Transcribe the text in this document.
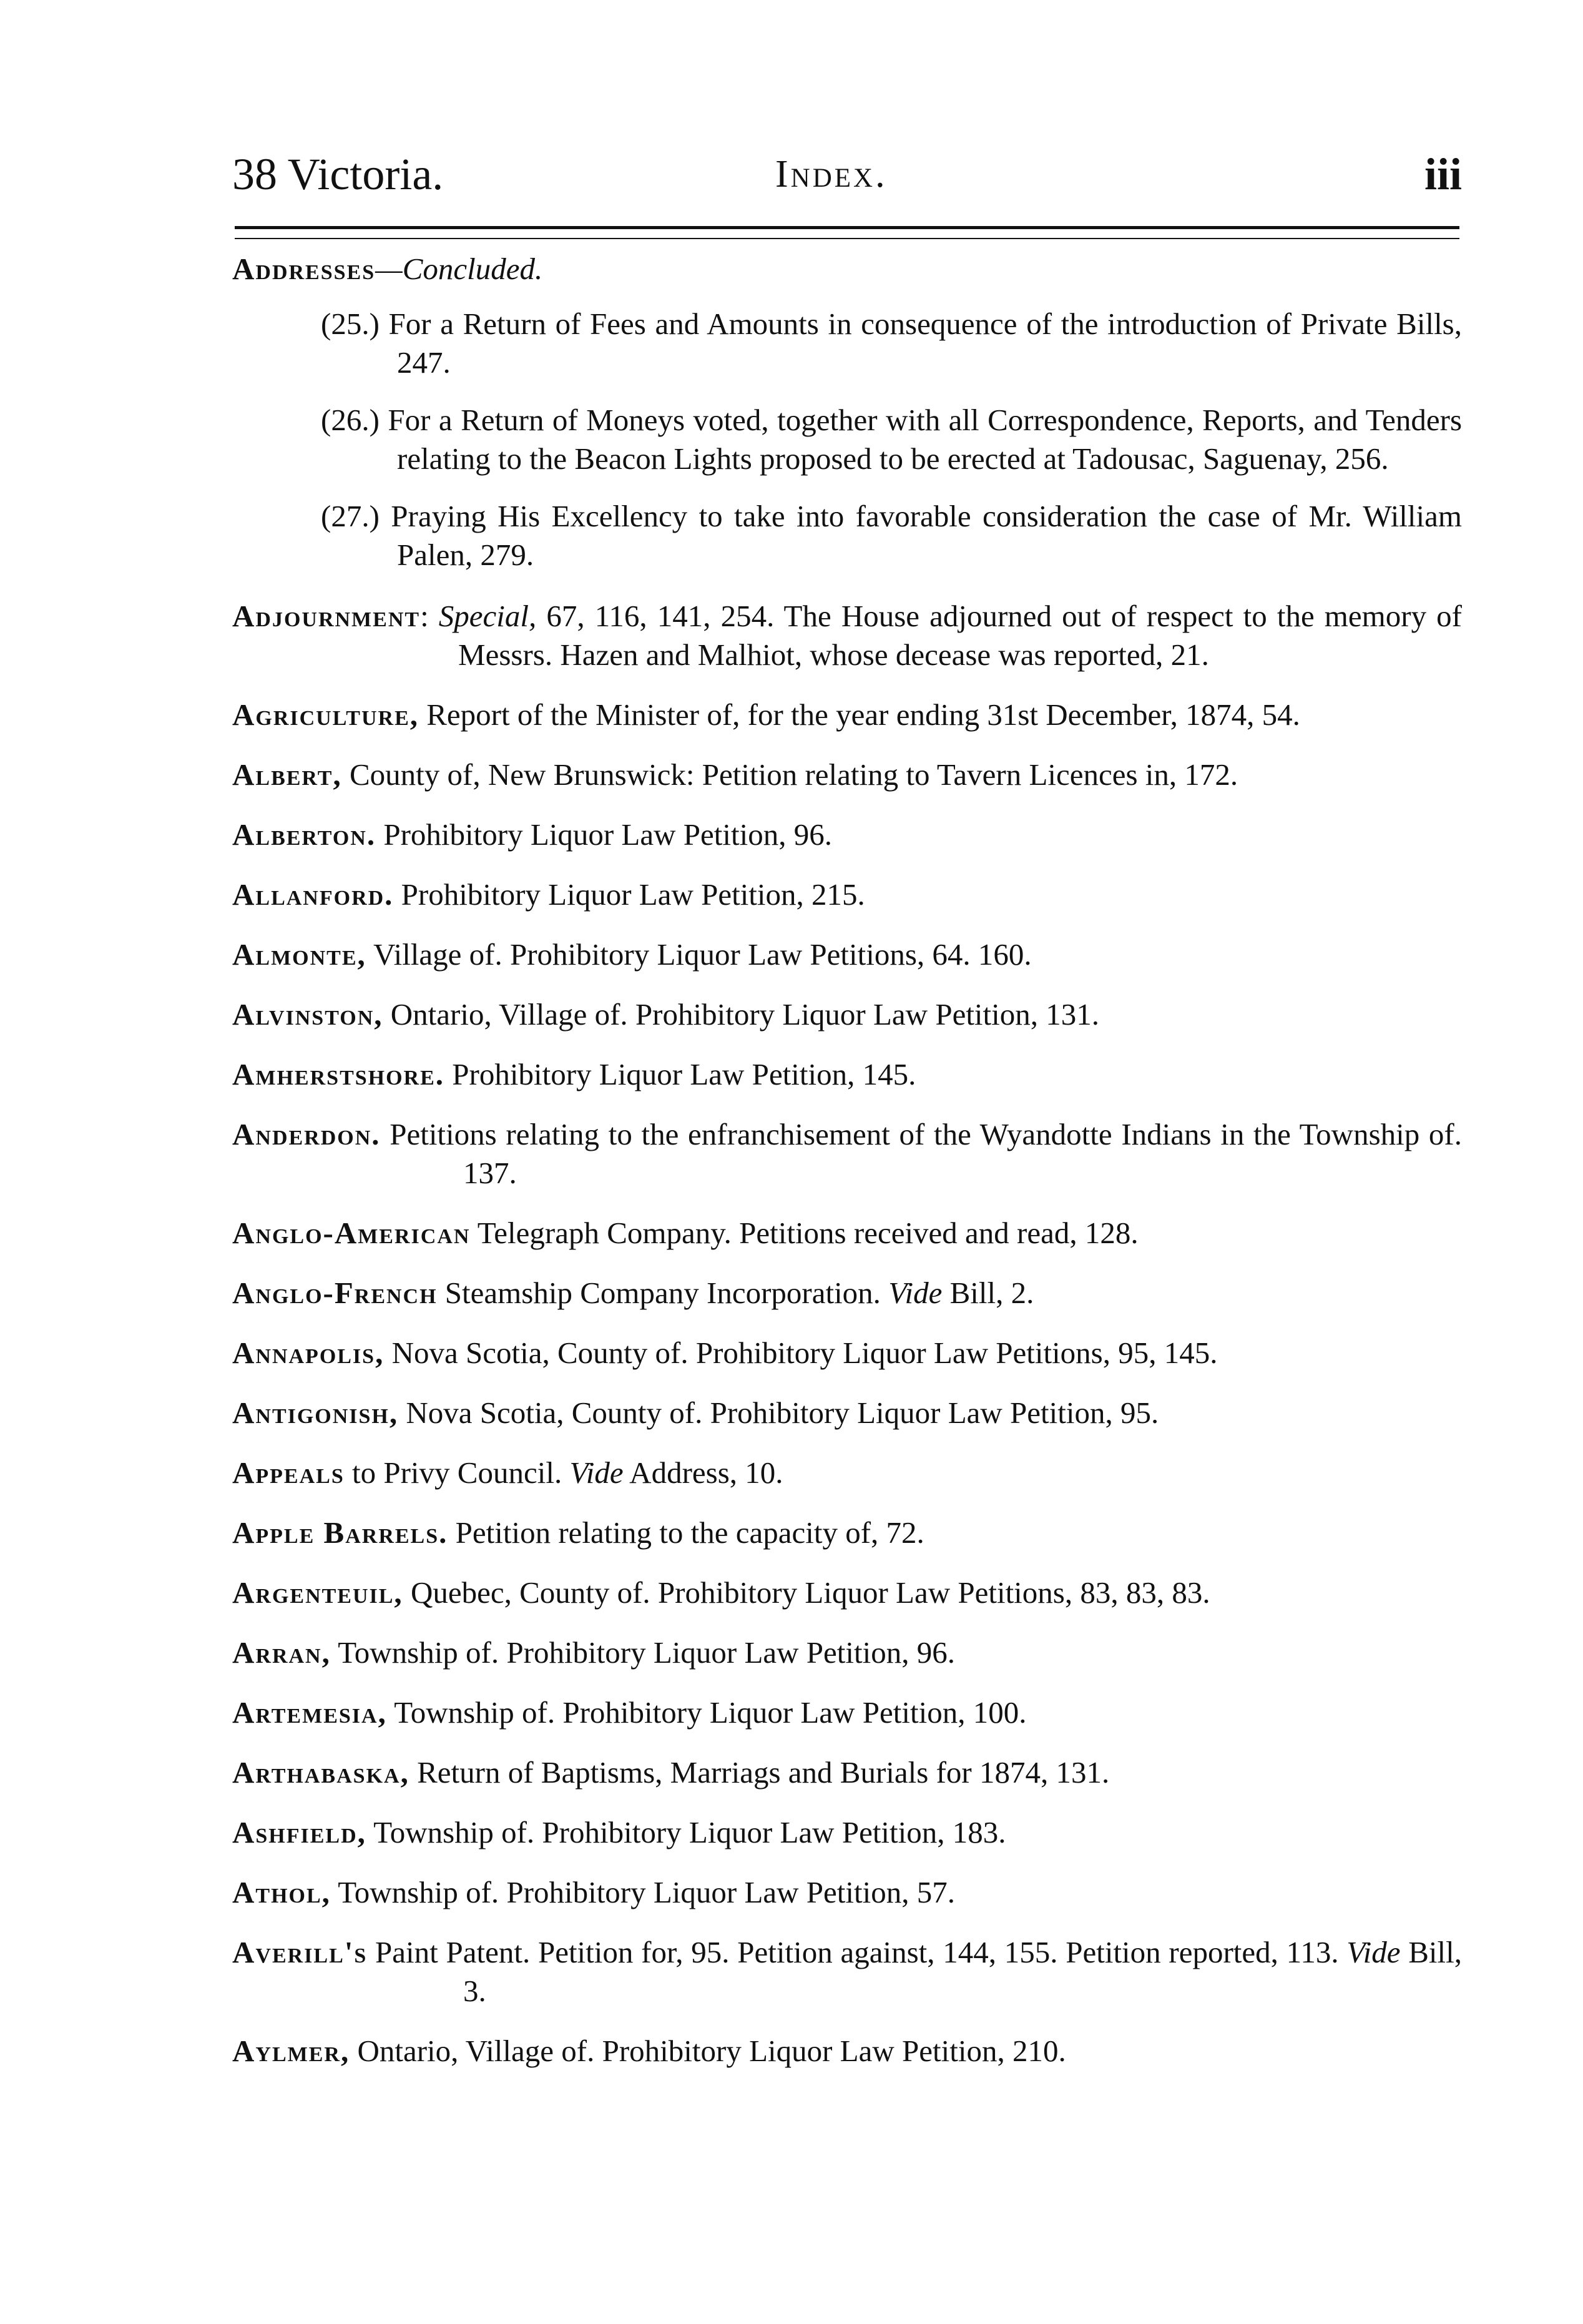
38 Victoria.	Index.	iii
Addresses—Concluded.
(25.) For a Return of Fees and Amounts in consequence of the introduction of Private Bills, 247.
(26.) For a Return of Moneys voted, together with all Correspondence, Reports, and Tenders relating to the Beacon Lights proposed to be erected at Tadousac, Saguenay, 256.
(27.) Praying His Excellency to take into favorable consideration the case of Mr. William Palen, 279.
Adjournment: Special, 67, 116, 141, 254. The House adjourned out of respect to the memory of Messrs. Hazen and Malhiot, whose decease was reported, 21.
Agriculture, Report of the Minister of, for the year ending 31st December, 1874, 54.
Albert, County of, New Brunswick: Petition relating to Tavern Licences in, 172.
Alberton. Prohibitory Liquor Law Petition, 96.
Allanford. Prohibitory Liquor Law Petition, 215.
Almonte, Village of. Prohibitory Liquor Law Petitions, 64. 160.
Alvinston, Ontario, Village of. Prohibitory Liquor Law Petition, 131.
Amherstshore. Prohibitory Liquor Law Petition, 145.
Anderdon. Petitions relating to the enfranchisement of the Wyandotte Indians in the Township of. 137.
Anglo-American Telegraph Company. Petitions received and read, 128.
Anglo-French Steamship Company Incorporation. Vide Bill, 2.
Annapolis, Nova Scotia, County of. Prohibitory Liquor Law Petitions, 95, 145.
Antigonish, Nova Scotia, County of. Prohibitory Liquor Law Petition, 95.
Appeals to Privy Council. Vide Address, 10.
Apple Barrels. Petition relating to the capacity of, 72.
Argenteuil, Quebec, County of. Prohibitory Liquor Law Petitions, 83, 83, 83.
Arran, Township of. Prohibitory Liquor Law Petition, 96.
Artemesia, Township of. Prohibitory Liquor Law Petition, 100.
Arthabaska, Return of Baptisms, Marriags and Burials for 1874, 131.
Ashfield, Township of. Prohibitory Liquor Law Petition, 183.
Athol, Township of. Prohibitory Liquor Law Petition, 57.
Averill's Paint Patent. Petition for, 95. Petition against, 144, 155. Petition reported, 113. Vide Bill, 3.
Aylmer, Ontario, Village of. Prohibitory Liquor Law Petition, 210.
